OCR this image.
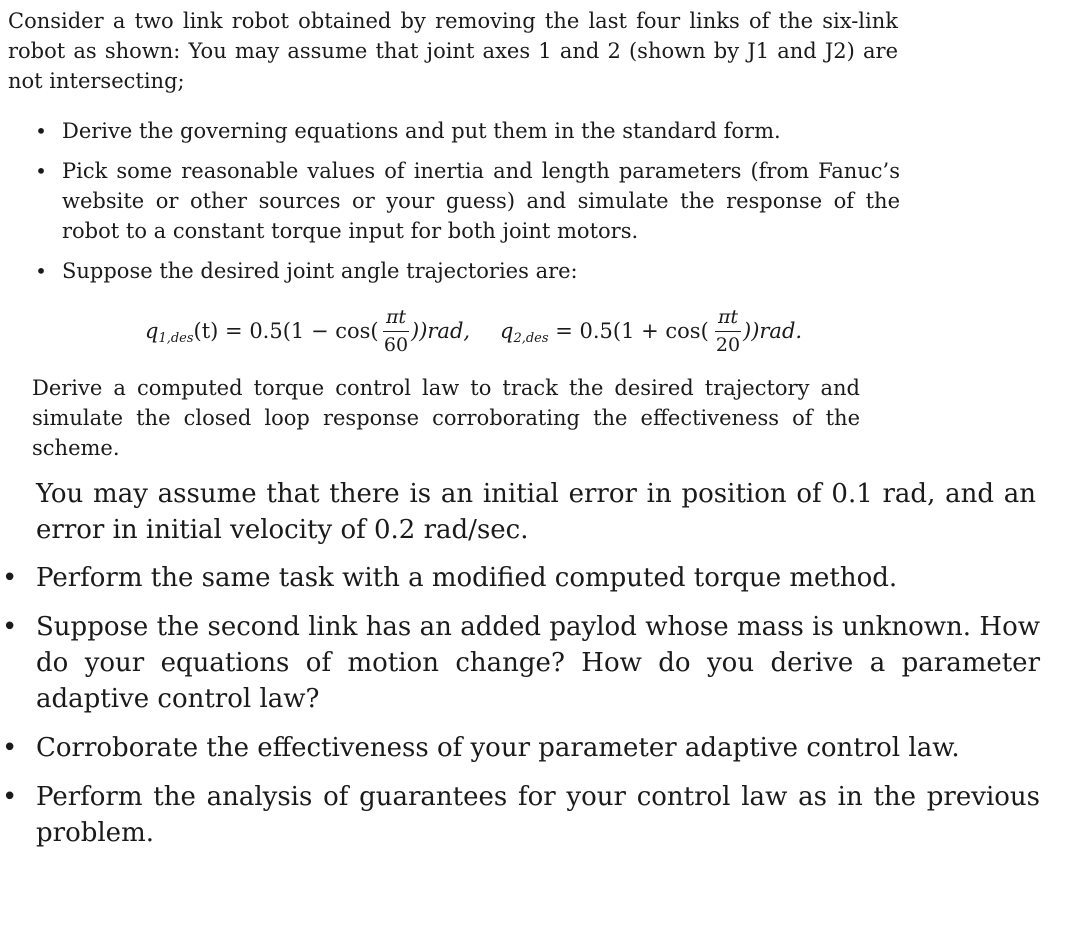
Consider a two link robot obtained by removing the last four links of the six-link robot as shown: You may assume that joint axes 1 and 2 (shown by J1 and J2) are not intersecting;
• Derive the governing equations and put them in the standard form.
• Pick some reasonable values of inertia and length parameters (from Fanuc’s website or other sources or your guess) and simulate the response of the robot to a constant torque input for both joint motors.
• Suppose the desired joint angle trajectories are:
$q_{1,des}(t) = 0.5(1 - \cos$(
πt
60
))rad, $q_{2,des} = 0.5(1 + \cos$(
πt
20
))rad.
Derive a computed torque control law to track the desired trajectory and simulate the closed loop response corroborating the effectiveness of the scheme.
You may assume that there is an initial error in position of 0.1 rad, and an error in initial velocity of 0.2 rad/sec.
• Perform the same task with a modified computed torque method.
• Suppose the second link has an added paylod whose mass is unknown. How do your equations of motion change? How do you derive a parameter adaptive control law?
• Corroborate the effectiveness of your parameter adaptive control law.
• Perform the analysis of guarantees for your control law as in the previous problem.
